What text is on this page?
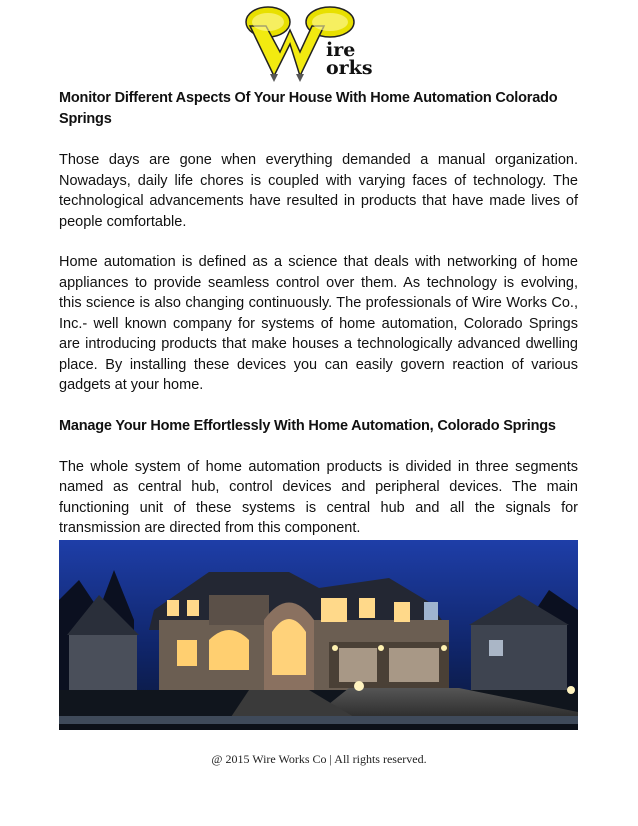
ire
orks

Monitor Different Aspects Of Your House With Home Automation Colorado Springs

Those days are gone when everything demanded a manual organization. Nowadays, daily life chores is coupled with varying faces of technology. The technological advancements have resulted in products that have made lives of people comfortable.

Home automation is defined as a science that deals with networking of home appliances to provide seamless control over them. As technology is evolving, this science is also changing continuously. The professionals of Wire Works Co., Inc.- well known company for systems of home automation, Colorado Springs are introducing products that make houses a technologically advanced dwelling place. By installing these devices you can easily govern reaction of various gadgets at your home.

Manage Your Home Effortlessly With Home Automation, Colorado Springs

The whole system of home automation products is divided in three segments named as central hub, control devices and peripheral devices. The main functioning unit of these systems is central hub and all the signals for transmission are directed from this component.

@ 2015 Wire Works Co | All rights reserved.
